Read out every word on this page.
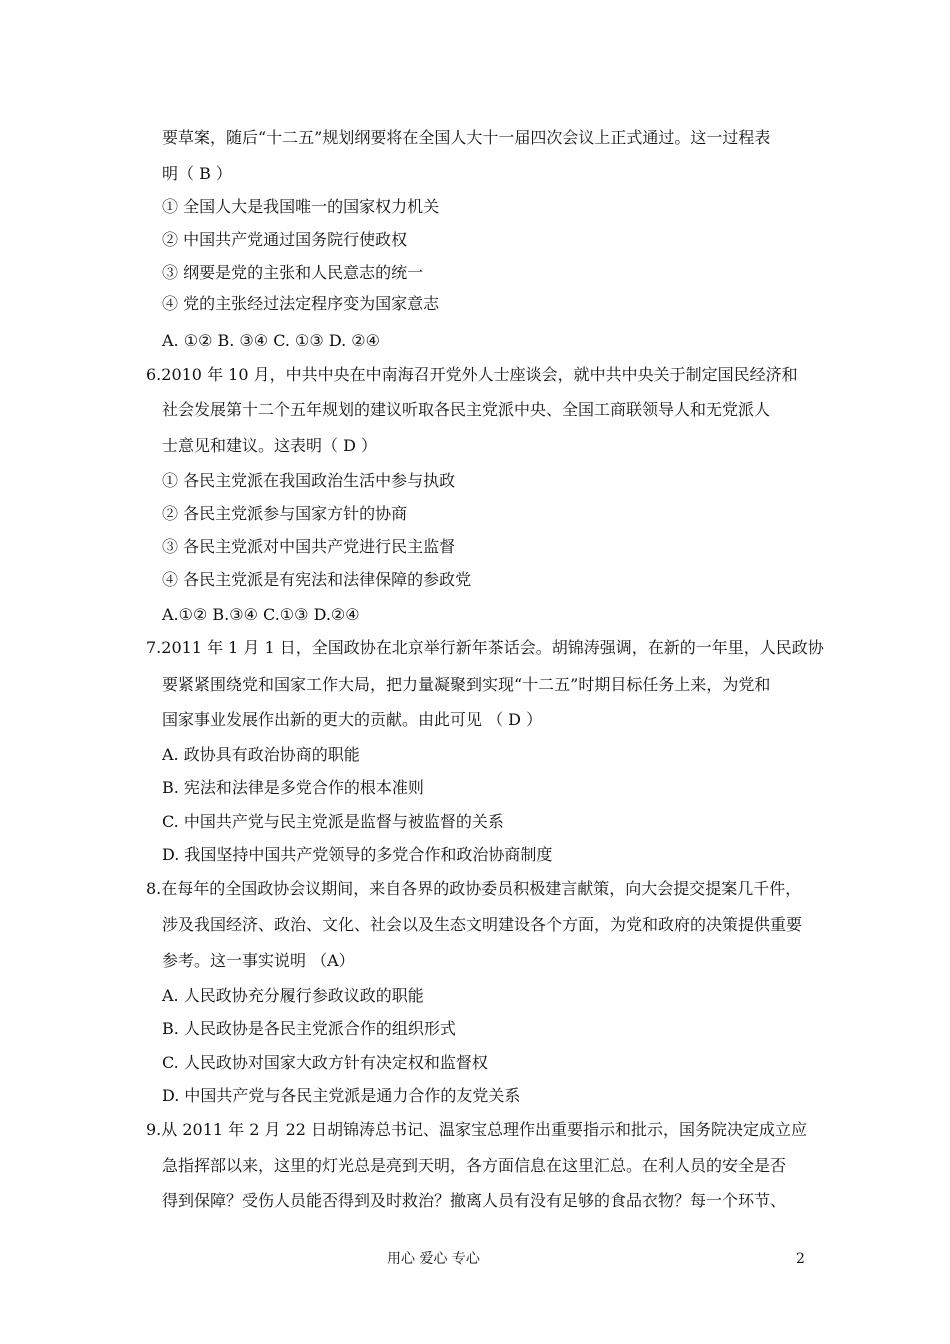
要草案，随后“十二五”规划纲要将在全国人大十一届四次会议上正式通过。这一过程表
明（ B ）
① 全国人大是我国唯一的国家权力机关
② 中国共产党通过国务院行使政权
③ 纲要是党的主张和人民意志的统一
④ 党的主张经过法定程序变为国家意志
A. ①② B. ③④ C. ①③ D. ②④
6.2010 年 10 月，中共中央在中南海召开党外人士座谈会，就中共中央关于制定国民经济和
社会发展第十二个五年规划的建议听取各民主党派中央、全国工商联领导人和无党派人
士意见和建议。这表明（ D ）
① 各民主党派在我国政治生活中参与执政
② 各民主党派参与国家方针的协商
③ 各民主党派对中国共产党进行民主监督
④ 各民主党派是有宪法和法律保障的参政党
A.①② B.③④ C.①③ D.②④
7.2011 年 1 月 1 日，全国政协在北京举行新年茶话会。胡锦涛强调，在新的一年里，人民政协
要紧紧围绕党和国家工作大局，把力量凝聚到实现“十二五”时期目标任务上来，为党和
国家事业发展作出新的更大的贡献。由此可见 （ D ）
A. 政协具有政治协商的职能
B. 宪法和法律是多党合作的根本准则
C. 中国共产党与民主党派是监督与被监督的关系
D. 我国坚持中国共产党领导的多党合作和政治协商制度
8.在每年的全国政协会议期间，来自各界的政协委员积极建言献策，向大会提交提案几千件，
涉及我国经济、政治、文化、社会以及生态文明建设各个方面，为党和政府的决策提供重要
参考。这一事实说明 （A）
A. 人民政协充分履行参政议政的职能
B. 人民政协是各民主党派合作的组织形式
C. 人民政协对国家大政方针有决定权和监督权
D. 中国共产党与各民主党派是通力合作的友党关系
9.从 2011 年 2 月 22 日胡锦涛总书记、温家宝总理作出重要指示和批示，国务院决定成立应
急指挥部以来，这里的灯光总是亮到天明，各方面信息在这里汇总。在利人员的安全是否
得到保障？受伤人员能否得到及时救治？撤离人员有没有足够的食品衣物？每一个环节、
用心 爱心 专心	2
